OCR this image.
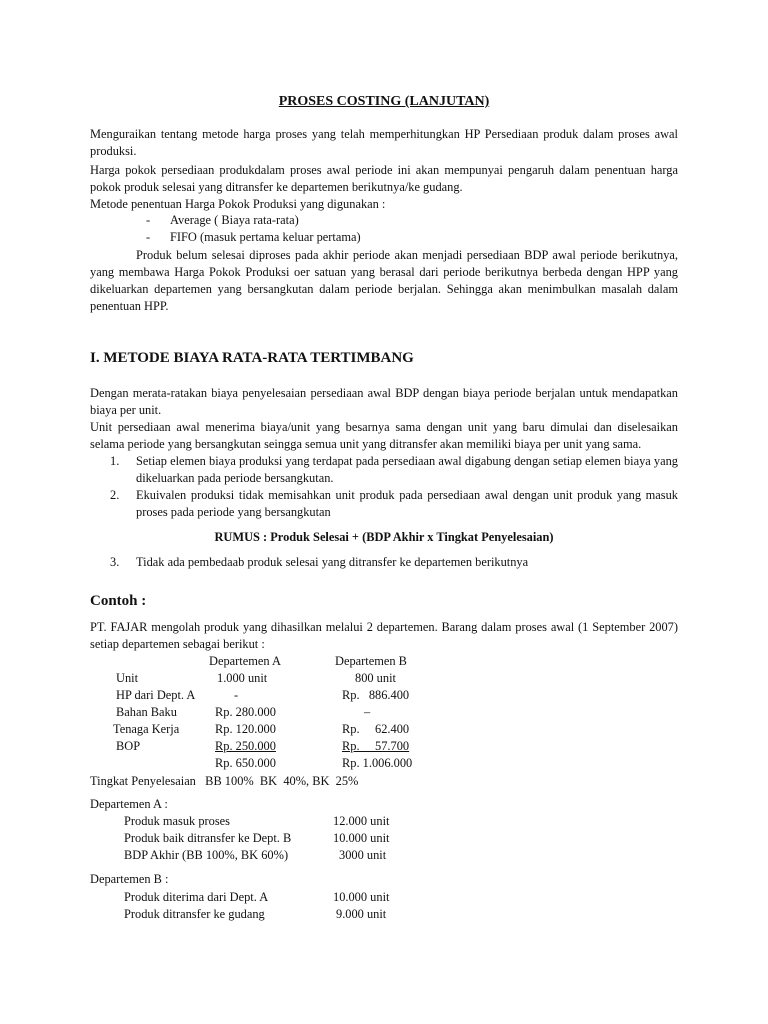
PROSES COSTING (LANJUTAN)
Menguraikan tentang metode harga proses yang telah memperhitungkan HP Persediaan produk dalam proses awal produksi.
Harga pokok persediaan produkdalam proses awal periode ini akan mempunyai pengaruh dalam penentuan harga pokok produk selesai yang ditransfer ke departemen berikutnya/ke gudang.
Metode penentuan Harga Pokok Produksi yang digunakan :
-	Average ( Biaya rata-rata)
-	FIFO (masuk pertama keluar pertama)
Produk belum selesai diproses pada akhir periode akan menjadi persediaan BDP awal periode berikutnya, yang membawa Harga Pokok Produksi oer satuan yang berasal dari periode berikutnya berbeda dengan HPP yang dikeluarkan departemen yang bersangkutan dalam periode berjalan. Sehingga akan menimbulkan masalah dalam penentuan HPP.
I. METODE BIAYA RATA-RATA TERTIMBANG
Dengan merata-ratakan biaya penyelesaian persediaan awal BDP dengan biaya periode berjalan untuk mendapatkan biaya per unit.
Unit persediaan awal menerima biaya/unit yang besarnya sama dengan unit yang baru dimulai dan diselesaikan selama periode yang bersangkutan seingga semua unit yang ditransfer akan memiliki biaya per unit yang sama.
1.	Setiap elemen biaya produksi yang terdapat pada persediaan awal digabung dengan setiap elemen biaya yang dikeluarkan pada periode bersangkutan.
2.	Ekuivalen produksi tidak memisahkan unit produk pada persediaan awal dengan unit produk yang masuk proses pada periode yang bersangkutan
RUMUS : Produk Selesai + (BDP Akhir x Tingkat Penyelesaian)
3.	Tidak ada pembedaab produk selesai yang ditransfer ke departemen berikutnya
Contoh :
PT. FAJAR mengolah produk yang dihasilkan melalui 2 departemen. Barang dalam proses awal (1 September 2007) setiap departemen sebagai berikut :
Departemen A	Departemen B
Unit	1.000 unit	800 unit
HP dari Dept. A	-	Rp.   886.400
Bahan Baku	Rp. 280.000	–
Tenaga Kerja	Rp. 120.000	Rp.     62.400
BOP	Rp. 250.000	Rp.     57.700
Rp. 650.000	Rp. 1.006.000
Tingkat Penyelesaian   BB 100%  BK  40%, BK  25%
Departemen A :
Produk masuk proses	12.000 unit
Produk baik ditransfer ke Dept. B	10.000 unit
BDP Akhir (BB 100%, BK 60%)	3000 unit
Departemen B :
Produk diterima dari Dept. A	10.000 unit
Produk ditransfer ke gudang	9.000 unit
